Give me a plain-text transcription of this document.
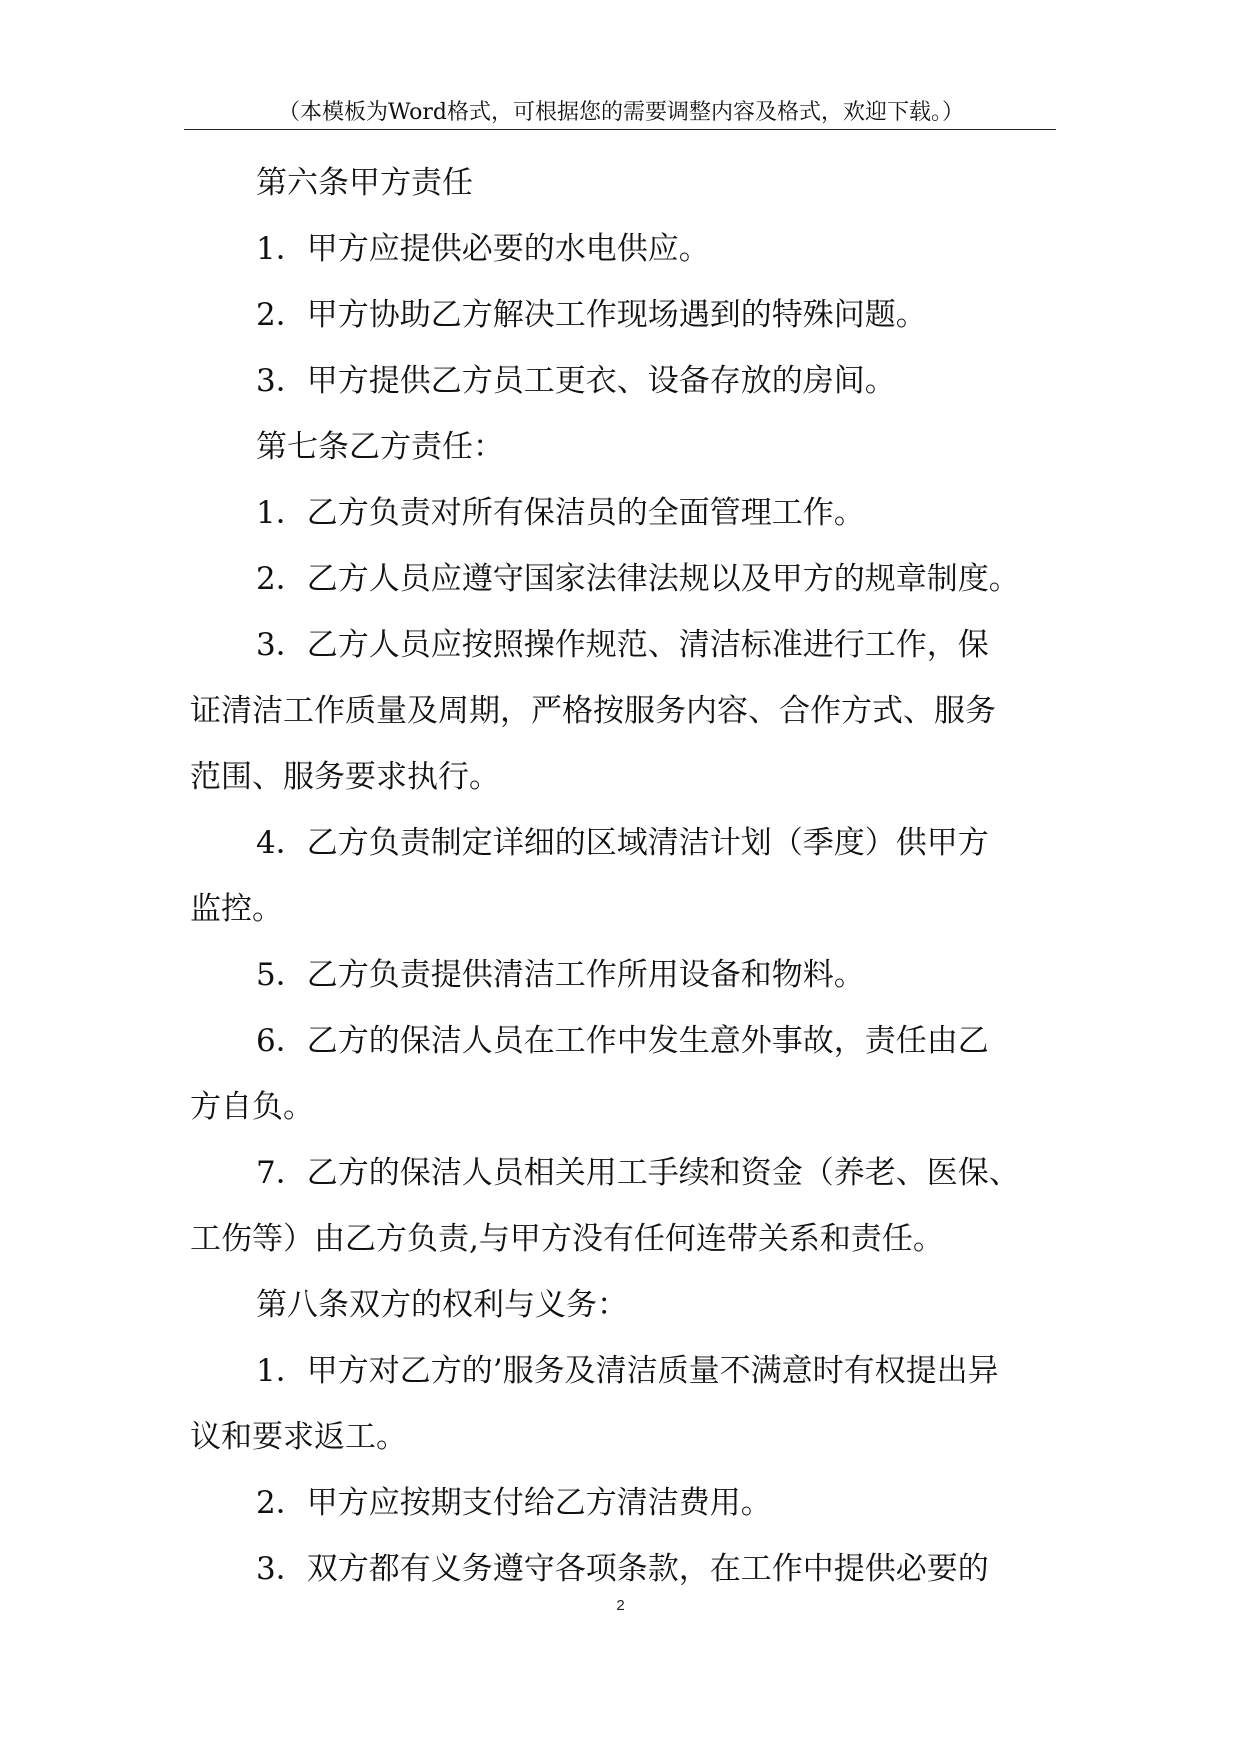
（本模板为Word格式，可根据您的需要调整内容及格式，欢迎下载。）

第六条甲方责任

1．甲方应提供必要的水电供应。

2．甲方协助乙方解决工作现场遇到的特殊问题。

3．甲方提供乙方员工更衣、设备存放的房间。

第七条乙方责任：

1．乙方负责对所有保洁员的全面管理工作。

2．乙方人员应遵守国家法律法规以及甲方的规章制度。

3．乙方人员应按照操作规范、清洁标准进行工作，保
证清洁工作质量及周期，严格按服务内容、合作方式、服务
范围、服务要求执行。

4．乙方负责制定详细的区域清洁计划（季度）供甲方
监控。

5．乙方负责提供清洁工作所用设备和物料。

6．乙方的保洁人员在工作中发生意外事故，责任由乙
方自负。

7．乙方的保洁人员相关用工手续和资金（养老、医保、
工伤等）由乙方负责,与甲方没有任何连带关系和责任。

第八条双方的权利与义务：

1．甲方对乙方的’服务及清洁质量不满意时有权提出异
议和要求返工。

2．甲方应按期支付给乙方清洁费用。

3．双方都有义务遵守各项条款，在工作中提供必要的

2
